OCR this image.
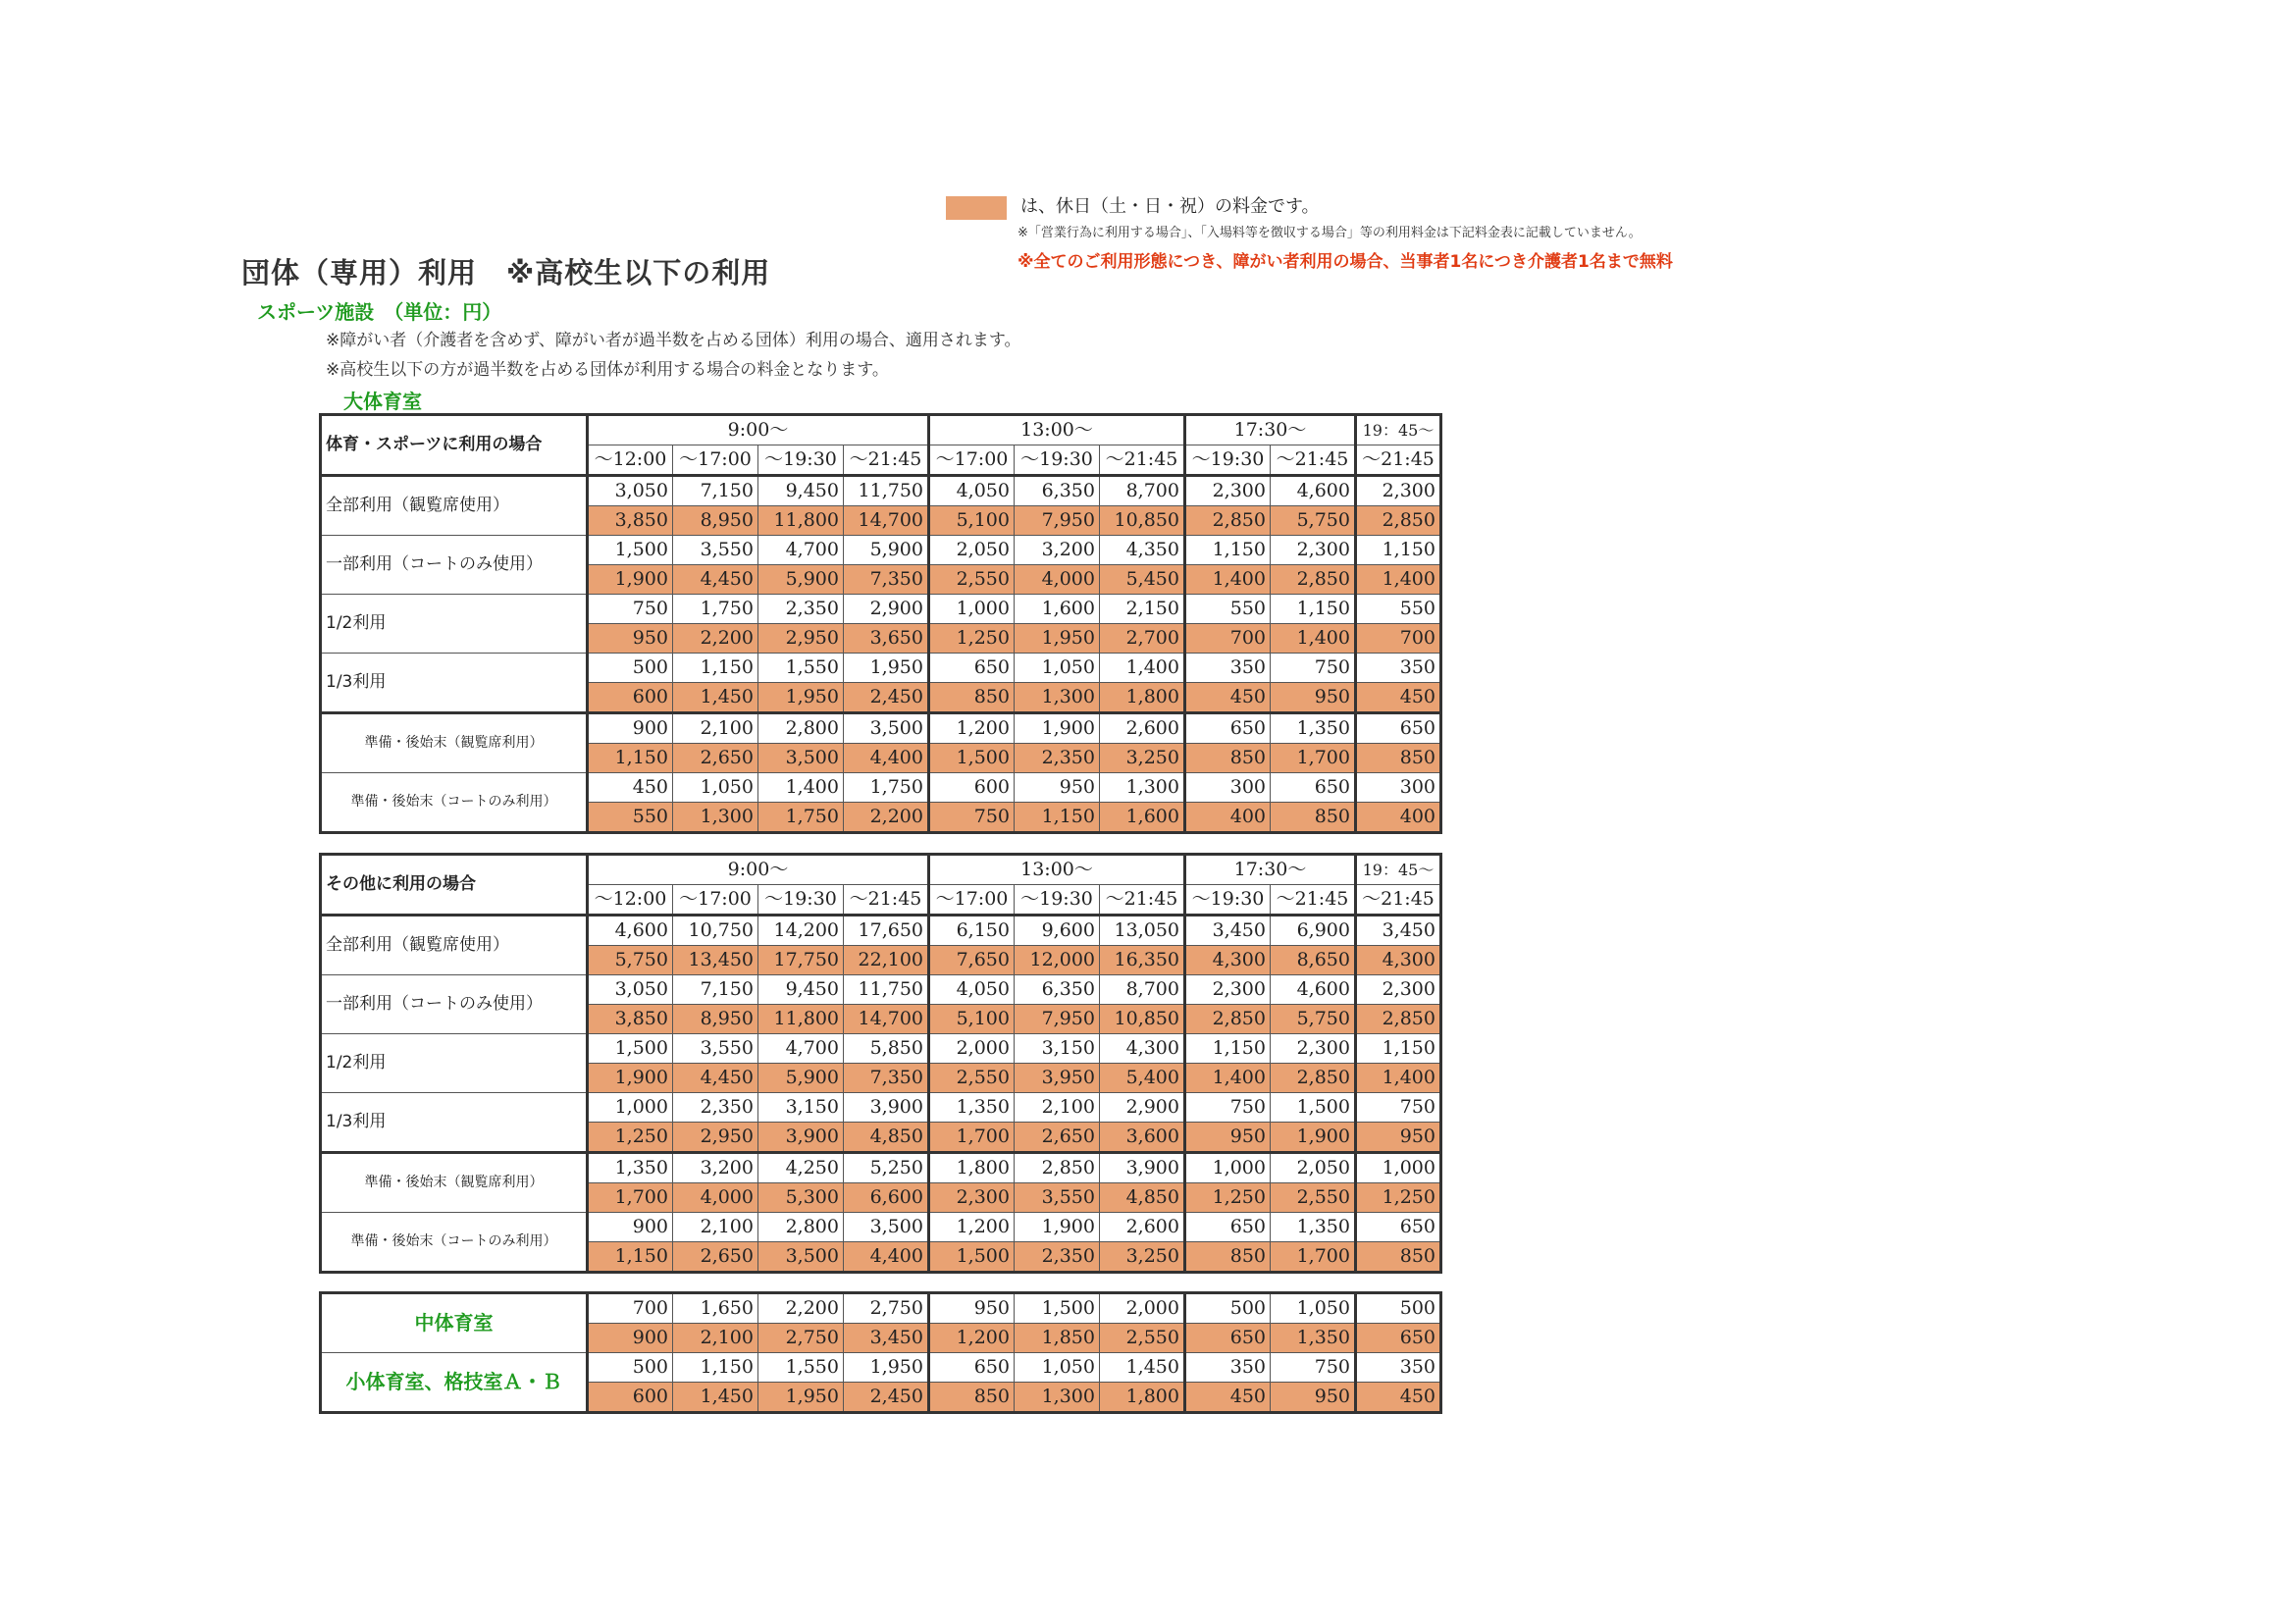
は、休日（土・日・祝）の料金です。
※「営業行為に利用する場合」、「入場料等を徴収する場合」等の利用料金は下記料金表に記載していません。
※全てのご利用形態につき、障がい者利用の場合、当事者1名につき介護者1名まで無料
団体（専用）利用　※高校生以下の利用
スポーツ施設　（単位：円）
※障がい者（介護者を含めず、障がい者が過半数を占める団体）利用の場合、適用されます。
※高校生以下の方が過半数を占める団体が利用する場合の料金となります。
大体育室
体育・スポーツに利用の場合	9:00～				13:00～			17:30～		19：45～
	～12:00	～17:00	～19:30	～21:45	～17:00	～19:30	～21:45	～19:30	～21:45	～21:45
全部利用（観覧席使用）	3,050	7,150	9,450	11,750	4,050	6,350	8,700	2,300	4,600	2,300
	3,850	8,950	11,800	14,700	5,100	7,950	10,850	2,850	5,750	2,850
一部利用（コートのみ使用）	1,500	3,550	4,700	5,900	2,050	3,200	4,350	1,150	2,300	1,150
	1,900	4,450	5,900	7,350	2,550	4,000	5,450	1,400	2,850	1,400
1/2利用	750	1,750	2,350	2,900	1,000	1,600	2,150	550	1,150	550
	950	2,200	2,950	3,650	1,250	1,950	2,700	700	1,400	700
1/3利用	500	1,150	1,550	1,950	650	1,050	1,400	350	750	350
	600	1,450	1,950	2,450	850	1,300	1,800	450	950	450
準備・後始末（観覧席利用）	900	2,100	2,800	3,500	1,200	1,900	2,600	650	1,350	650
	1,150	2,650	3,500	4,400	1,500	2,350	3,250	850	1,700	850
準備・後始末（コートのみ利用）	450	1,050	1,400	1,750	600	950	1,300	300	650	300
	550	1,300	1,750	2,200	750	1,150	1,600	400	850	400
その他に利用の場合	9:00～				13:00～			17:30～		19：45～
	～12:00	～17:00	～19:30	～21:45	～17:00	～19:30	～21:45	～19:30	～21:45	～21:45
全部利用（観覧席使用）	4,600	10,750	14,200	17,650	6,150	9,600	13,050	3,450	6,900	3,450
	5,750	13,450	17,750	22,100	7,650	12,000	16,350	4,300	8,650	4,300
一部利用（コートのみ使用）	3,050	7,150	9,450	11,750	4,050	6,350	8,700	2,300	4,600	2,300
	3,850	8,950	11,800	14,700	5,100	7,950	10,850	2,850	5,750	2,850
1/2利用	1,500	3,550	4,700	5,850	2,000	3,150	4,300	1,150	2,300	1,150
	1,900	4,450	5,900	7,350	2,550	3,950	5,400	1,400	2,850	1,400
1/3利用	1,000	2,350	3,150	3,900	1,350	2,100	2,900	750	1,500	750
	1,250	2,950	3,900	4,850	1,700	2,650	3,600	950	1,900	950
準備・後始末（観覧席利用）	1,350	3,200	4,250	5,250	1,800	2,850	3,900	1,000	2,050	1,000
	1,700	4,000	5,300	6,600	2,300	3,550	4,850	1,250	2,550	1,250
準備・後始末（コートのみ利用）	900	2,100	2,800	3,500	1,200	1,900	2,600	650	1,350	650
	1,150	2,650	3,500	4,400	1,500	2,350	3,250	850	1,700	850
中体育室	700	1,650	2,200	2,750	950	1,500	2,000	500	1,050	500
	900	2,100	2,750	3,450	1,200	1,850	2,550	650	1,350	650
小体育室、格技室Ａ・Ｂ	500	1,150	1,550	1,950	650	1,050	1,450	350	750	350
	600	1,450	1,950	2,450	850	1,300	1,800	450	950	450
